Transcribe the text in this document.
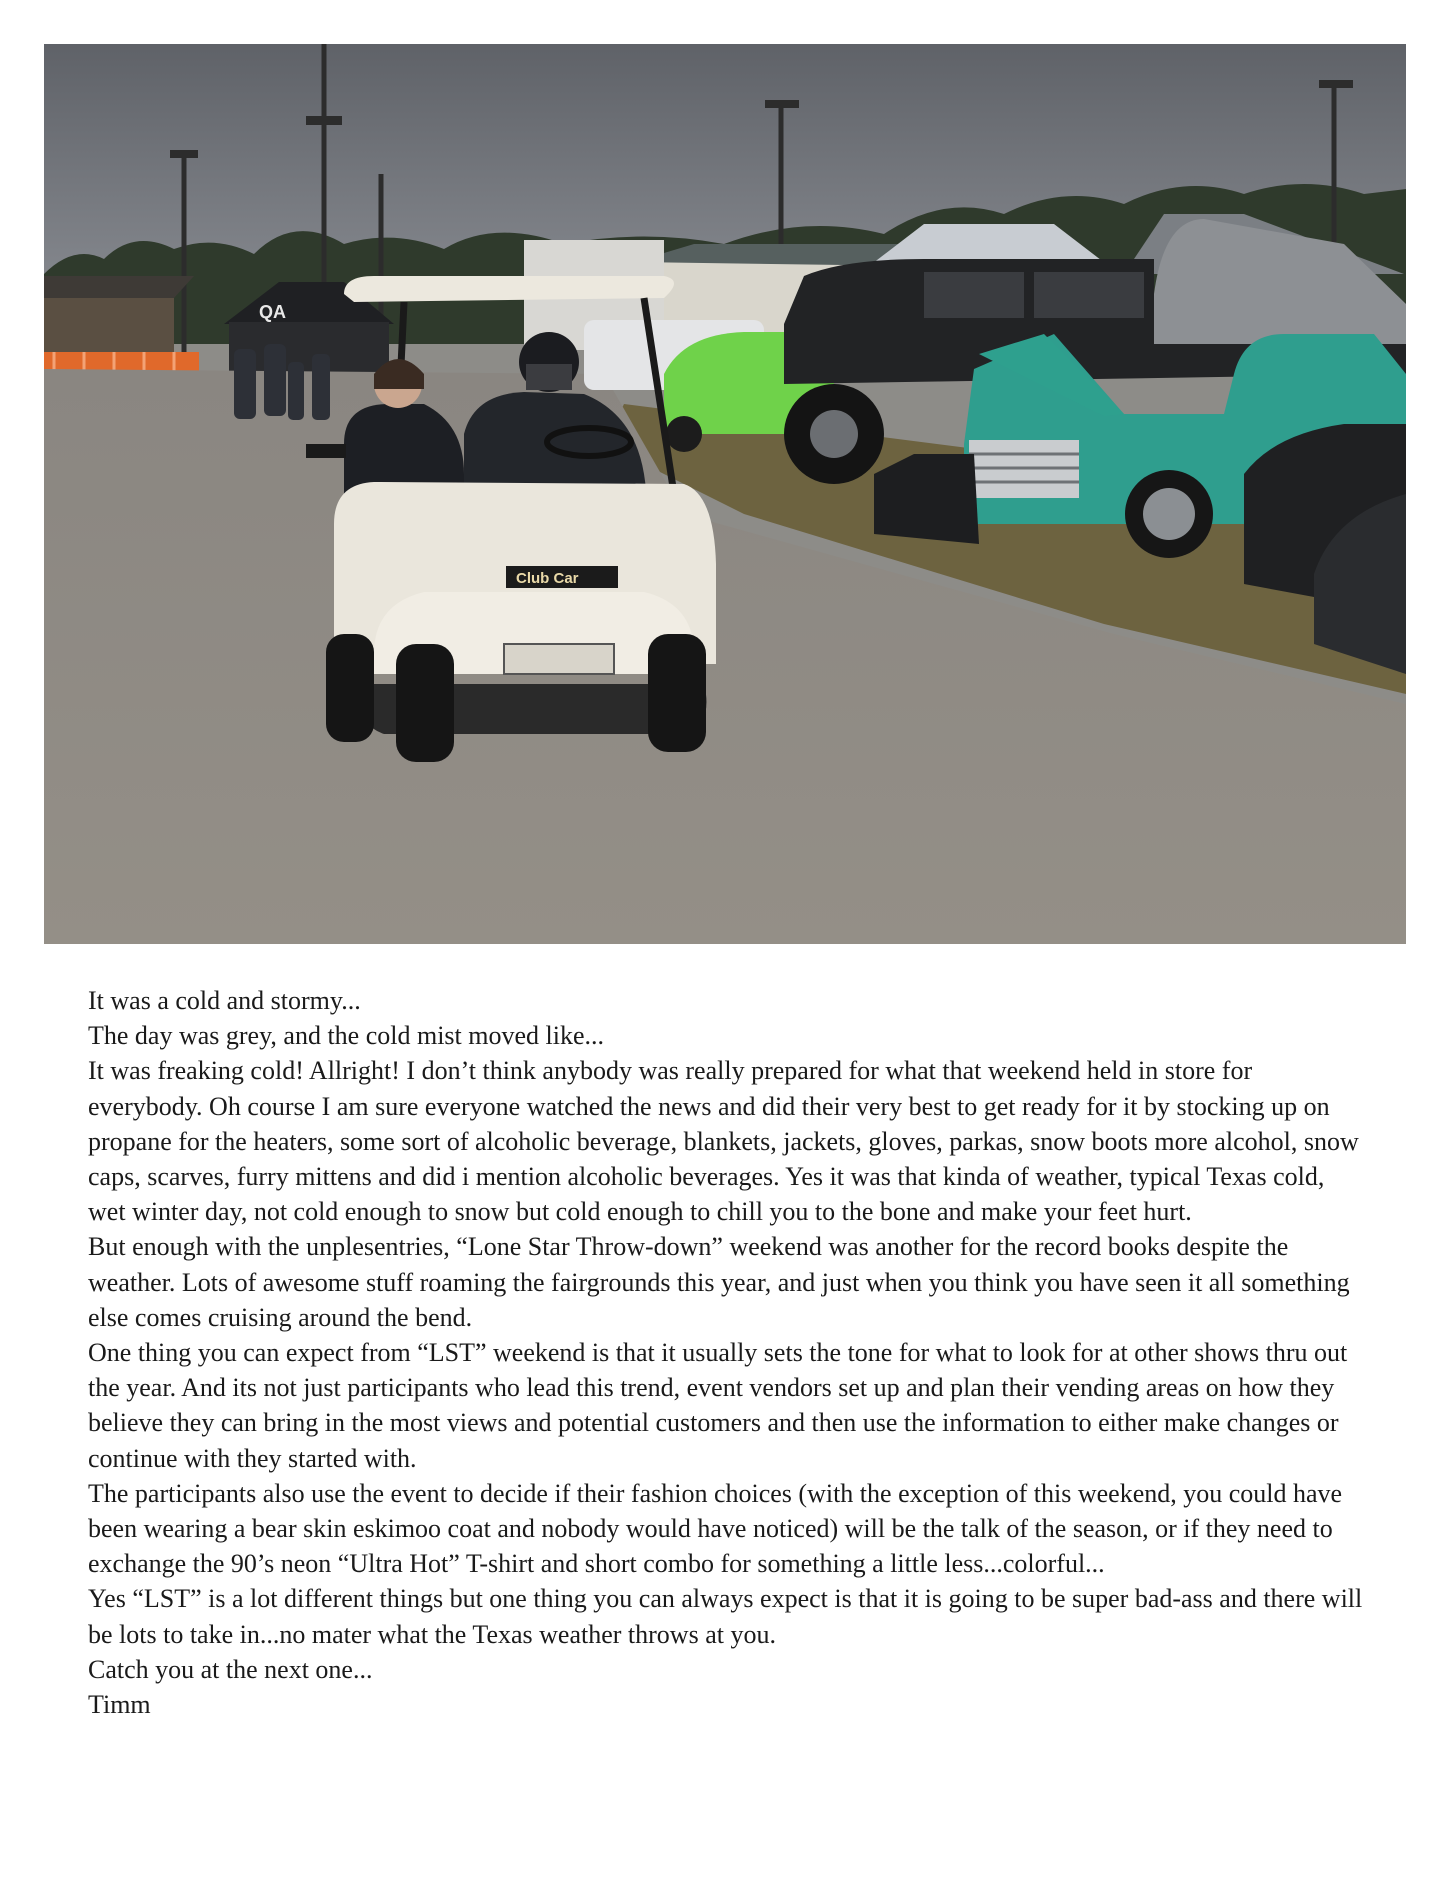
QA
Club Car

It was a cold and stormy...

The day was grey, and the cold mist moved like...

It was freaking cold! Allright! I don’t think anybody was really prepared for what that weekend held in store for everybody. Oh course I am sure everyone watched the news and did their very best to get ready for it by stocking up on propane for the heaters, some sort of alcoholic beverage, blankets, jackets, gloves, parkas, snow boots more alcohol, snow caps, scarves, furry mittens and did i mention alcoholic beverages. Yes it was that kinda of weather, typical Texas cold, wet winter day, not cold enough to snow but cold enough to chill you to the bone and make your feet hurt.

But enough with the unplesentries, “Lone Star Throw-down” weekend was another for the record books despite the weather. Lots of awesome stuff roaming the fairgrounds this year, and just when you think you have seen it all something else comes cruising around the bend.

One thing you can expect from “LST” weekend is that it usually sets the tone for what to look for at other shows thru out the year. And its not just participants who lead this trend, event vendors set up and plan their vending areas on how they believe they can bring in the most views and potential customers and then use the information to either make changes or continue with they started with.

The participants also use the event to decide if their fashion choices (with the exception of this weekend, you could have been wearing a bear skin eskimoo coat and nobody would have noticed) will be the talk of the season, or if they need to exchange the 90’s neon “Ultra Hot” T-shirt and short combo for something a little less...colorful...

Yes “LST” is a lot different things but one thing you can always expect is that it is going to be super bad-ass and there will be lots to take in...no mater what the Texas weather throws at you.

Catch you at the next one...

Timm
